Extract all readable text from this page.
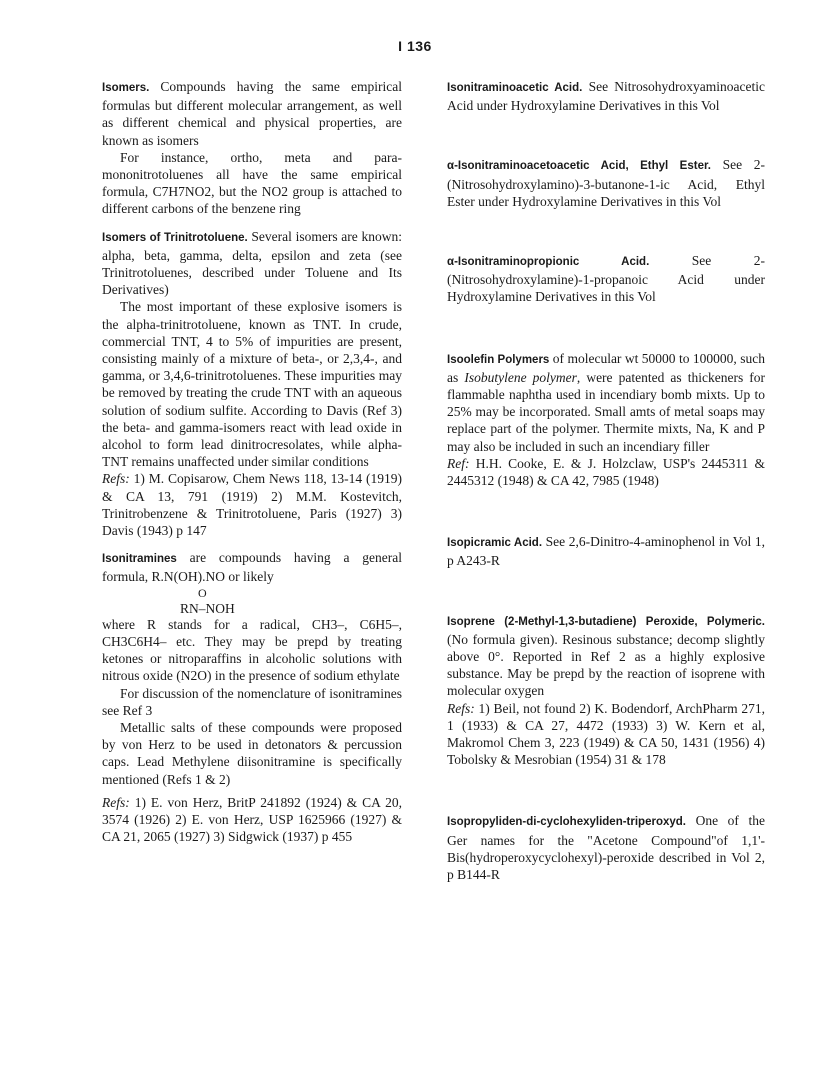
I 136

Isomers. Compounds having the same empirical formulas but different molecular arrangement, as well as different chemical and physical properties, are known as isomers

For instance, ortho, meta and para-mononitrotoluenes all have the same empirical formula, C7H7NO2, but the NO2 group is attached to different carbons of the benzene ring

Isomers of Trinitrotoluene. Several isomers are known: alpha, beta, gamma, delta, epsilon and zeta (see Trinitrotoluenes, described under Toluene and Its Derivatives)

The most important of these explosive isomers is the alpha-trinitrotoluene, known as TNT. In crude, commercial TNT, 4 to 5% of impurities are present, consisting mainly of a mixture of beta-, or 2,3,4-, and gamma, or 3,4,6-trinitrotoluenes. These impurities may be removed by treating the crude TNT with an aqueous solution of sodium sulfite. According to Davis (Ref 3) the beta- and gamma-isomers react with lead oxide in alcohol to form lead dinitrocresolates, while alpha-TNT remains unaffected under similar conditions

Refs: 1) M. Copisarow, Chem News 118, 13-14 (1919) & CA 13, 791 (1919) 2) M.M. Kostevitch, Trinitrobenzene & Trinitrotoluene, Paris (1927) 3) Davis (1943) p 147

Isonitramines are compounds having a general formula, R.N(OH).NO or likely

O
RN–NOH

where R stands for a radical, CH3–, C6H5–, CH3C6H4– etc. They may be prepd by treating ketones or nitroparaffins in alcoholic solutions with nitrous oxide (N2O) in the presence of sodium ethylate

For discussion of the nomenclature of isonitramines see Ref 3

Metallic salts of these compounds were proposed by von Herz to be used in detonators & percussion caps. Lead Methylene diisonitramine is specifically mentioned (Refs 1 & 2)

Refs: 1) E. von Herz, BritP 241892 (1924) & CA 20, 3574 (1926) 2) E. von Herz, USP 1625966 (1927) & CA 21, 2065 (1927) 3) Sidgwick (1937) p 455

Isonitraminoacetic Acid. See Nitrosohydroxyaminoacetic Acid under Hydroxylamine Derivatives in this Vol

α-Isonitraminoacetoacetic Acid, Ethyl Ester. See 2-(Nitrosohydroxylamino)-3-butanone-1-ic Acid, Ethyl Ester under Hydroxylamine Derivatives in this Vol

α-Isonitraminopropionic Acid. See 2-(Nitrosohydroxylamine)-1-propanoic Acid under Hydroxylamine Derivatives in this Vol

Isoolefin Polymers of molecular wt 50000 to 100000, such as Isobutylene polymer, were patented as thickeners for flammable naphtha used in incendiary bomb mixts. Up to 25% may be incorporated. Small amts of metal soaps may replace part of the polymer. Thermite mixts, Na, K and P may also be included in such an incendiary filler

Ref: H.H. Cooke, E. & J. Holzclaw, USP's 2445311 & 2445312 (1948) & CA 42, 7985 (1948)

Isopicramic Acid. See 2,6-Dinitro-4-aminophenol in Vol 1, p A243-R

Isoprene (2-Methyl-1,3-butadiene) Peroxide, Polymeric. (No formula given). Resinous substance; decomp slightly above 0°. Reported in Ref 2 as a highly explosive substance. May be prepd by the reaction of isoprene with molecular oxygen

Refs: 1) Beil, not found 2) K. Bodendorf, ArchPharm 271, 1 (1933) & CA 27, 4472 (1933) 3) W. Kern et al, Makromol Chem 3, 223 (1949) & CA 50, 1431 (1956) 4) Tobolsky & Mesrobian (1954) 31 & 178

Isopropyliden-di-cyclohexyliden-triperoxyd. One of the Ger names for the "Acetone Compound"of 1,1'-Bis(hydroperoxycyclohexyl)-peroxide described in Vol 2, p B144-R
